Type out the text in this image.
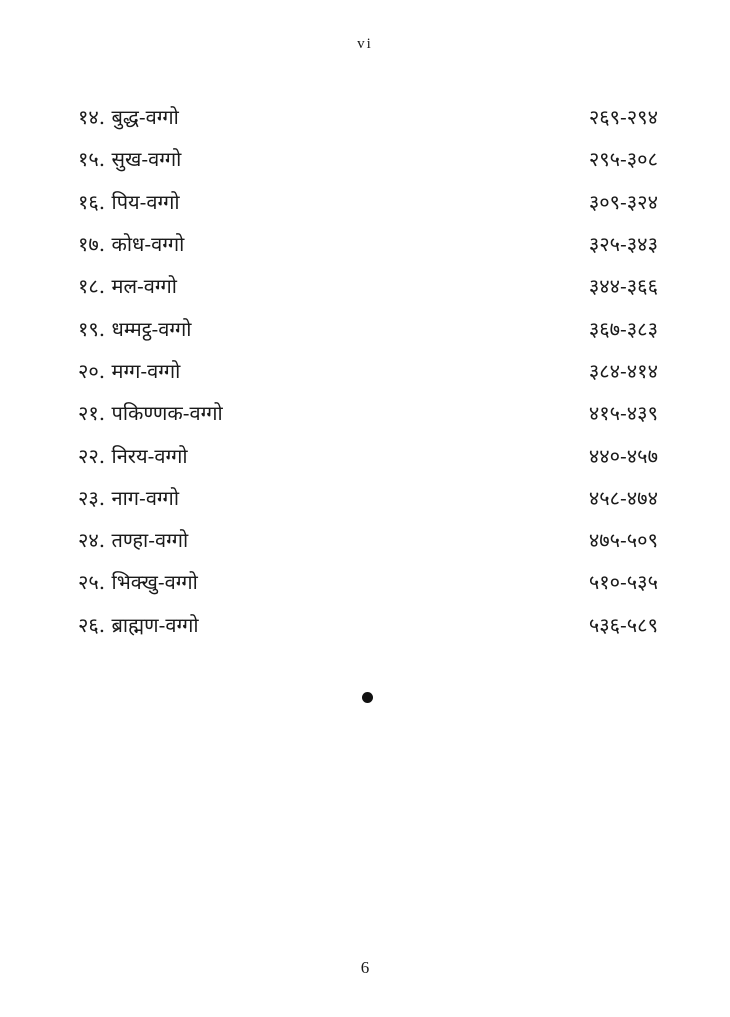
vi
१४. बुद्ध-वग्गो	२६९-२९४
१५. सुख-वग्गो	२९५-३०८
१६. पिय-वग्गो	३०९-३२४
१७. कोध-वग्गो	३२५-३४३
१८. मल-वग्गो	३४४-३६६
१९. धम्मट्ठ-वग्गो	३६७-३८३
२०. मग्ग-वग्गो	३८४-४१४
२१. पकिण्णक-वग्गो	४१५-४३९
२२. निरय-वग्गो	४४०-४५७
२३. नाग-वग्गो	४५८-४७४
२४. तण्हा-वग्गो	४७५-५०९
२५. भिक्खु-वग्गो	५१०-५३५
२६. ब्राह्मण-वग्गो	५३६-५८९
6
